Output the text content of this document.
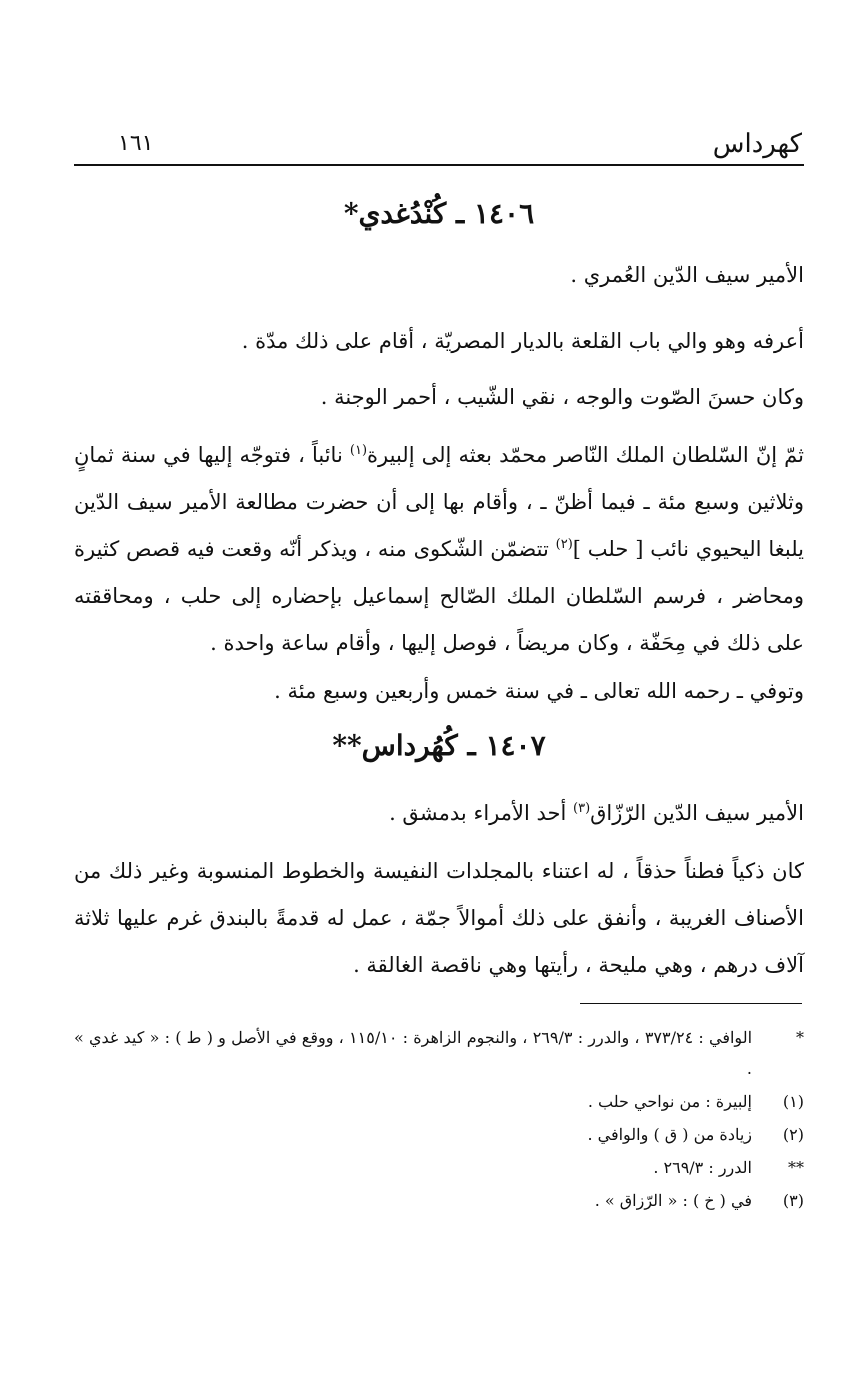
كهرداس
١٦١
١٤٠٦ ـ كُنْدُغدي*

الأمير سيف الدّين العُمري .

أعرفه وهو والي باب القلعة بالديار المصريّة ، أقام على ذلك مدّة .

وكان حسنَ الصّوت والوجه ، نقي الشّيب ، أحمر الوجنة .

ثمّ إنّ السّلطان الملك النّاصر محمّد بعثه إلى إلبيرة$^{(١)}$ نائباً ، فتوجّه إليها في سنة ثمانٍ وثلاثين وسبع مئة ـ فيما أظنّ ـ ، وأقام بها إلى أن حضرت مطالعة الأمير سيف الدّين يلبغا اليحيوي نائب [ حلب ]$^{(٢)}$ تتضمّن الشّكوى منه ، ويذكر أنّه وقعت فيه قصص كثيرة ومحاضر ، فرسم السّلطان الملك الصّالح إسماعيل بإحضاره إلى حلب ، ومحاققته على ذلك في مِحَفّة ، وكان مريضاً ، فوصل إليها ، وأقام ساعة واحدة .

وتوفي ـ رحمه الله تعالى ـ في سنة خمس وأربعين وسبع مئة .

١٤٠٧ ـ كُهُرداس**

الأمير سيف الدّين الرّزّاق$^{(٣)}$ أحد الأمراء بدمشق .

كان ذكياً فطناً حذقاً ، له اعتناء بالمجلدات النفيسة والخطوط المنسوبة وغير ذلك من الأصناف الغريبة ، وأنفق على ذلك أموالاً جمّة ، عمل له قدمةً بالبندق غرم عليها ثلاثة آلاف درهم ، وهي مليحة ، رأيتها وهي ناقصة الغالقة .

*
الوافي : ٣٧٣/٢٤ ، والدرر : ٢٦٩/٣ ، والنجوم الزاهرة : ١١٥/١٠ ، ووقع في الأصل و ( ط ) : « كيد غدي » .
(١)
إلبيرة : من نواحي حلب .
(٢)
زيادة من ( ق ) والوافي .
**
الدرر : ٢٦٩/٣ .
(٣)
في ( خ ) : « الرّزاق » .
